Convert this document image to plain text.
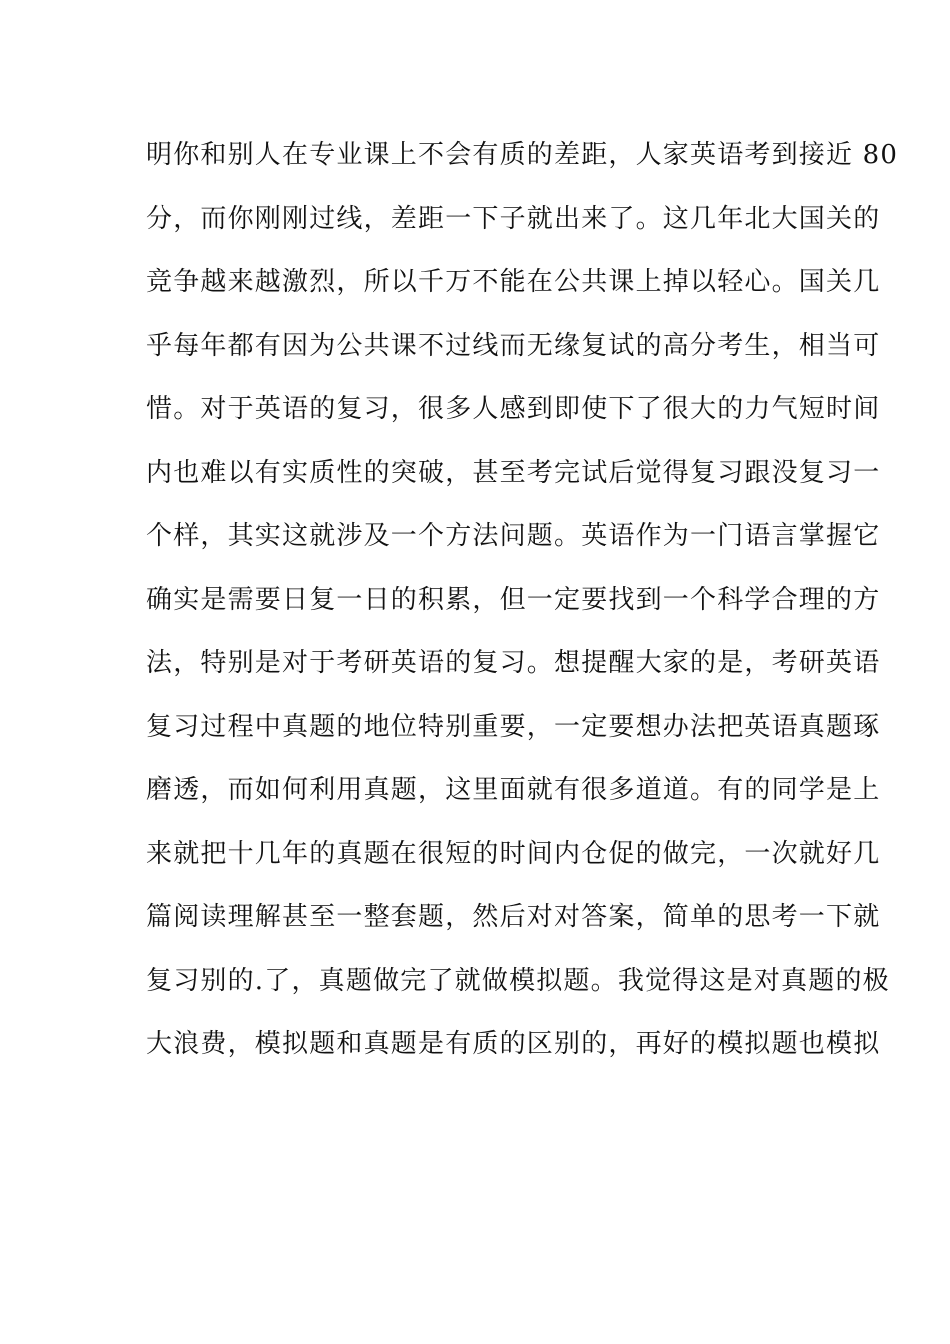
明你和别人在专业课上不会有质的差距，人家英语考到接近 80
分，而你刚刚过线，差距一下子就出来了。这几年北大国关的
竞争越来越激烈，所以千万不能在公共课上掉以轻心。国关几
乎每年都有因为公共课不过线而无缘复试的高分考生，相当可
惜。对于英语的复习，很多人感到即使下了很大的力气短时间
内也难以有实质性的突破，甚至考完试后觉得复习跟没复习一
个样，其实这就涉及一个方法问题。英语作为一门语言掌握它
确实是需要日复一日的积累，但一定要找到一个科学合理的方
法，特别是对于考研英语的复习。想提醒大家的是，考研英语
复习过程中真题的地位特别重要，一定要想办法把英语真题琢
磨透，而如何利用真题，这里面就有很多道道。有的同学是上
来就把十几年的真题在很短的时间内仓促的做完，一次就好几
篇阅读理解甚至一整套题，然后对对答案，简单的思考一下就
复习别的.了，真题做完了就做模拟题。我觉得这是对真题的极
大浪费，模拟题和真题是有质的区别的，再好的模拟题也模拟
